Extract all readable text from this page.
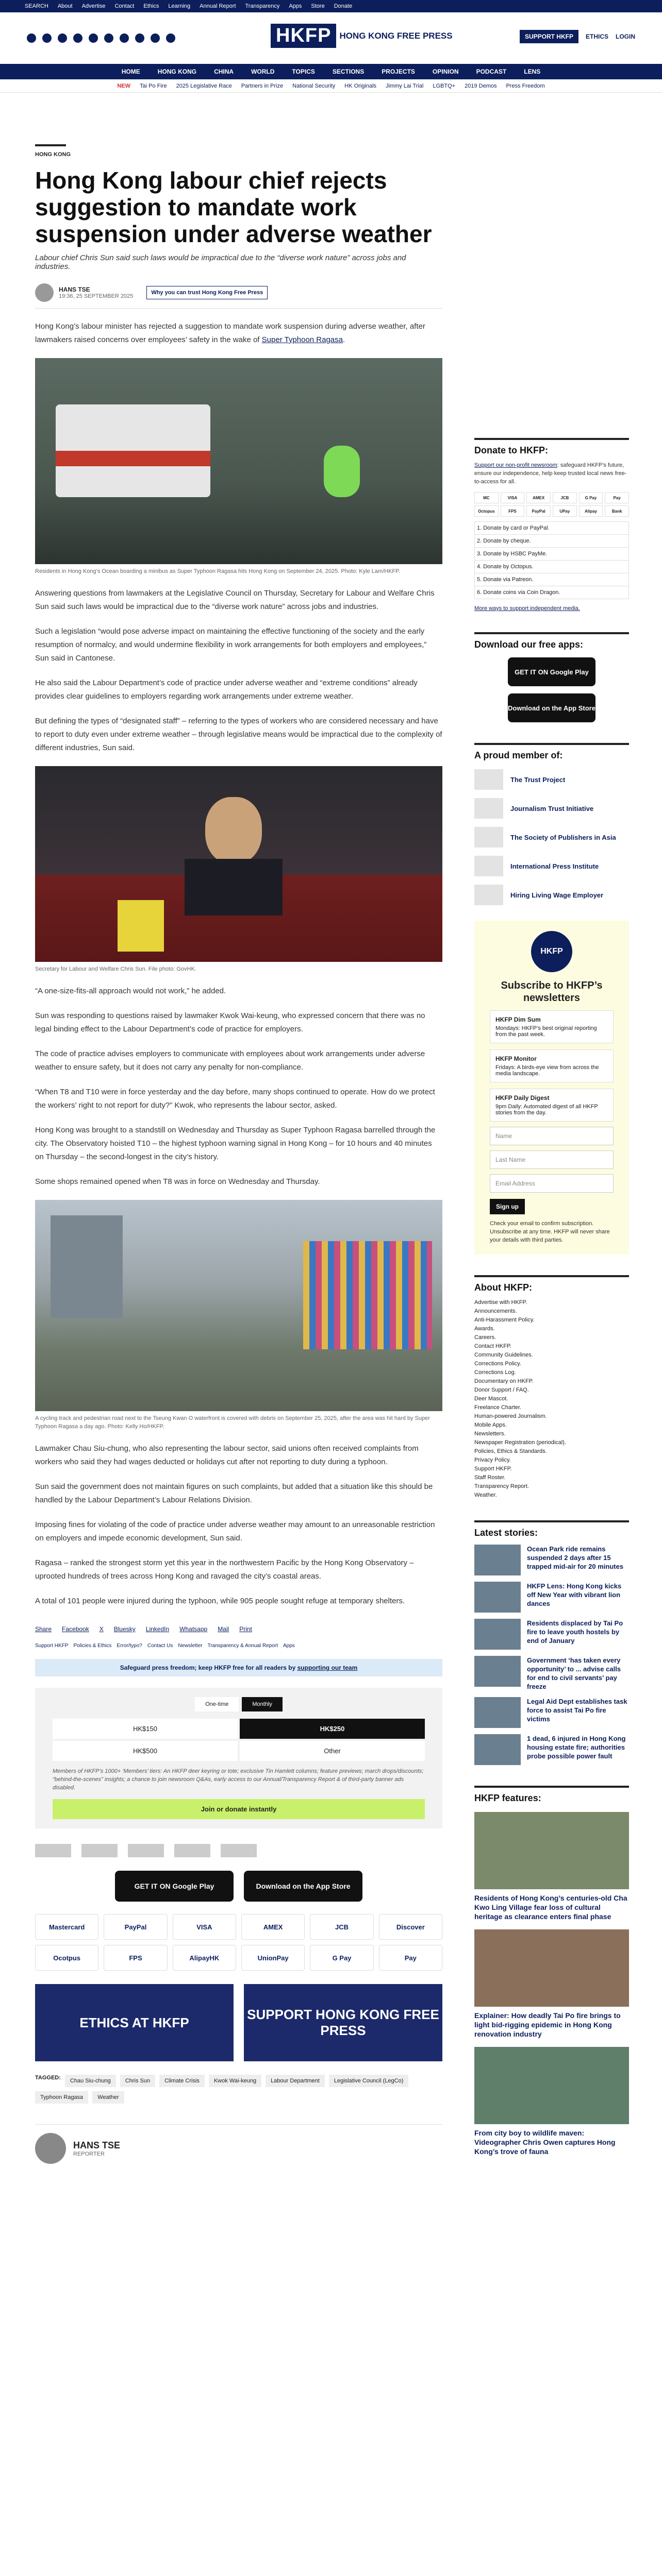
SEARCH About Advertise Contact Ethics Learning Annual Report Transparency Apps Store Donate
HKFP HONG KONG FREE PRESS	SUPPORT HKFP	ETHICS LOGIN
HOME	HONG KONG	CHINA	WORLD	TOPICS	SECTIONS	PROJECTS	OPINION	PODCAST	LENS
NEW Tai Po Fire 2025 Legislative Race Partners in Prize National Security HK Originals Jimmy Lai Trial LGBTQ+ 2019 Demos Press Freedom
HONG KONG
Hong Kong labour chief rejects suggestion to mandate work suspension under adverse weather
Labour chief Chris Sun said such laws would be impractical due to the “diverse work nature” across jobs and industries.
HANS TSE
19:36, 25 SEPTEMBER 2025
Why you can trust Hong Kong Free Press

Hong Kong’s labour minister has rejected a suggestion to mandate work suspension during adverse weather, after lawmakers raised concerns over employees’ safety in the wake of Super Typhoon Ragasa.

Residents in Hong Kong’s Ocean boarding a minibus as Super Typhoon Ragasa hits Hong Kong on September 24, 2025. Photo: Kyle Lam/HKFP.

Answering questions from lawmakers at the Legislative Council on Thursday, Secretary for Labour and Welfare Chris Sun said such laws would be impractical due to the “diverse work nature” across jobs and industries.

Such a legislation “would pose adverse impact on maintaining the effective functioning of the society and the early resumption of normalcy, and would undermine flexibility in work arrangements for both employers and employees,” Sun said in Cantonese.

He also said the Labour Department’s code of practice under adverse weather and “extreme conditions” already provides clear guidelines to employers regarding work arrangements under extreme weather.

But defining the types of “designated staff” – referring to the types of workers who are considered necessary and have to report to duty even under extreme weather – through legislative means would be impractical due to the complexity of different industries, Sun said.

Secretary for Labour and Welfare Chris Sun. File photo: GovHK.

“A one-size-fits-all approach would not work,” he added.

Sun was responding to questions raised by lawmaker Kwok Wai-keung, who expressed concern that there was no legal binding effect to the Labour Department’s code of practice for employers.

The code of practice advises employers to communicate with employees about work arrangements under adverse weather to ensure safety, but it does not carry any penalty for non-compliance.

“When T8 and T10 were in force yesterday and the day before, many shops continued to operate. How do we protect the workers’ right to not report for duty?” Kwok, who represents the labour sector, asked.

Hong Kong was brought to a standstill on Wednesday and Thursday as Super Typhoon Ragasa barrelled through the city. The Observatory hoisted T10 – the highest typhoon warning signal in Hong Kong – for 10 hours and 40 minutes on Thursday – the second-longest in the city’s history.

Some shops remained opened when T8 was in force on Wednesday and Thursday.

A cycling track and pedestrian road next to the Tseung Kwan O waterfront is covered with debris on September 25, 2025, after the area was hit hard by Super Typhoon Ragasa a day ago. Photo: Kelly Ho/HKFP.

Lawmaker Chau Siu-chung, who also representing the labour sector, said unions often received complaints from workers who said they had wages deducted or holidays cut after not reporting to duty during a typhoon.

Sun said the government does not maintain figures on such complaints, but added that a situation like this should be handled by the Labour Department’s Labour Relations Division.

Imposing fines for violating of the code of practice under adverse weather may amount to an unreasonable restriction on employers and impede economic development, Sun said.

Ragasa – ranked the strongest storm yet this year in the northwestern Pacific by the Hong Kong Observatory – uprooted hundreds of trees across Hong Kong and ravaged the city’s coastal areas.

A total of 101 people were injured during the typhoon, while 905 people sought refuge at temporary shelters.

Share Facebook X Bluesky LinkedIn Whatsapp Mail Print
Support HKFP Policies & Ethics Error/typo? Contact Us Newsletter Transparency & Annual Report Apps
Safeguard press freedom; keep HKFP free for all readers by supporting our team
One-time	Monthly
HK$150	HK$250
HK$500	Other
Members of HKFP’s 1000+ ‘Members’ tiers: An HKFP deer keyring or tote; exclusive Tin Hamlett columns; feature previews; march drops/discounts; “behind-the-scenes” insights; a chance to join newsroom Q&As, early access to our Annual/Transparency Report & of third-party banner ads disabled.
Join or donate instantly
GET IT ON Google Play	Download on the App Store
Mastercard	PayPal	VISA	AMEX	JCB	Discover
Ocotpus	FPS	AlipayHK	UnionPay	G Pay	Pay
ETHICS AT HKFP
SUPPORT HONG KONG FREE PRESS
TAGGED:	Chau Siu-chung	Chris Sun	Climate Crisis	Kwok Wai-keung	Labour Department	Legislative Council (LegCo)
Typhoon Ragasa	Weather
HANS TSE
REPORTER
Donate to HKFP:
Support our non-profit newsroom: safeguard HKFP’s future, ensure our independence, help keep trusted local news free-to-access for all.
MC	VISA	AMEX	JCB	G Pay	Pay
Octopus	FPS	PayPal	UPay	Alipay	Bank
1. Donate by card or PayPal.
2. Donate by cheque.
3. Donate by HSBC PayMe.
4. Donate by Octopus.
5. Donate via Patreon.
6. Donate coins via Coin Dragon.
More ways to support independent media.
Download our free apps:
GET IT ON Google Play
Download on the App Store
A proud member of:
The Trust Project
Journalism Trust Initiative
The Society of Publishers in Asia
International Press Institute
Hiring Living Wage Employer
HKFP
Subscribe to HKFP’s newsletters
HKFP Dim Sum
Mondays: HKFP’s best original reporting from the past week.
HKFP Monitor
Fridays: A birds-eye view from across the media landscape.
HKFP Daily Digest
9pm Daily: Automated digest of all HKFP stories from the day.
Name
Last Name
Email Address
Sign up
Check your email to confirm subscription. Unsubscribe at any time. HKFP will never share your details with third parties.
About HKFP:
Advertise with HKFP.
Announcements.
Anti-Harassment Policy.
Awards.
Careers.
Contact HKFP.
Community Guidelines.
Corrections Policy.
Corrections Log.
Documentary on HKFP.
Donor Support / FAQ.
Deer Mascot.
Freelance Charter.
Human-powered Journalism.
Mobile Apps.
Newsletters.
Newspaper Registration (periodical).
Policies, Ethics & Standards.
Privacy Policy.
Support HKFP.
Staff Roster.
Transparency Report.
Weather.
Latest stories:
Ocean Park ride remains suspended 2 days after 15 trapped mid-air for 20 minutes
HKFP Lens: Hong Kong kicks off New Year with vibrant lion dances
Residents displaced by Tai Po fire to leave youth hostels by end of January
Government ‘has taken every opportunity’ to ... advise calls for end to civil servants’ pay freeze
Legal Aid Dept establishes task force to assist Tai Po fire victims
1 dead, 6 injured in Hong Kong housing estate fire; authorities probe possible power fault
HKFP features:
Residents of Hong Kong’s centuries-old Cha Kwo Ling Village fear loss of cultural heritage as clearance enters final phase
Explainer: How deadly Tai Po fire brings to light bid-rigging epidemic in Hong Kong renovation industry
From city boy to wildlife maven: Videographer Chris Owen captures Hong Kong’s trove of fauna
